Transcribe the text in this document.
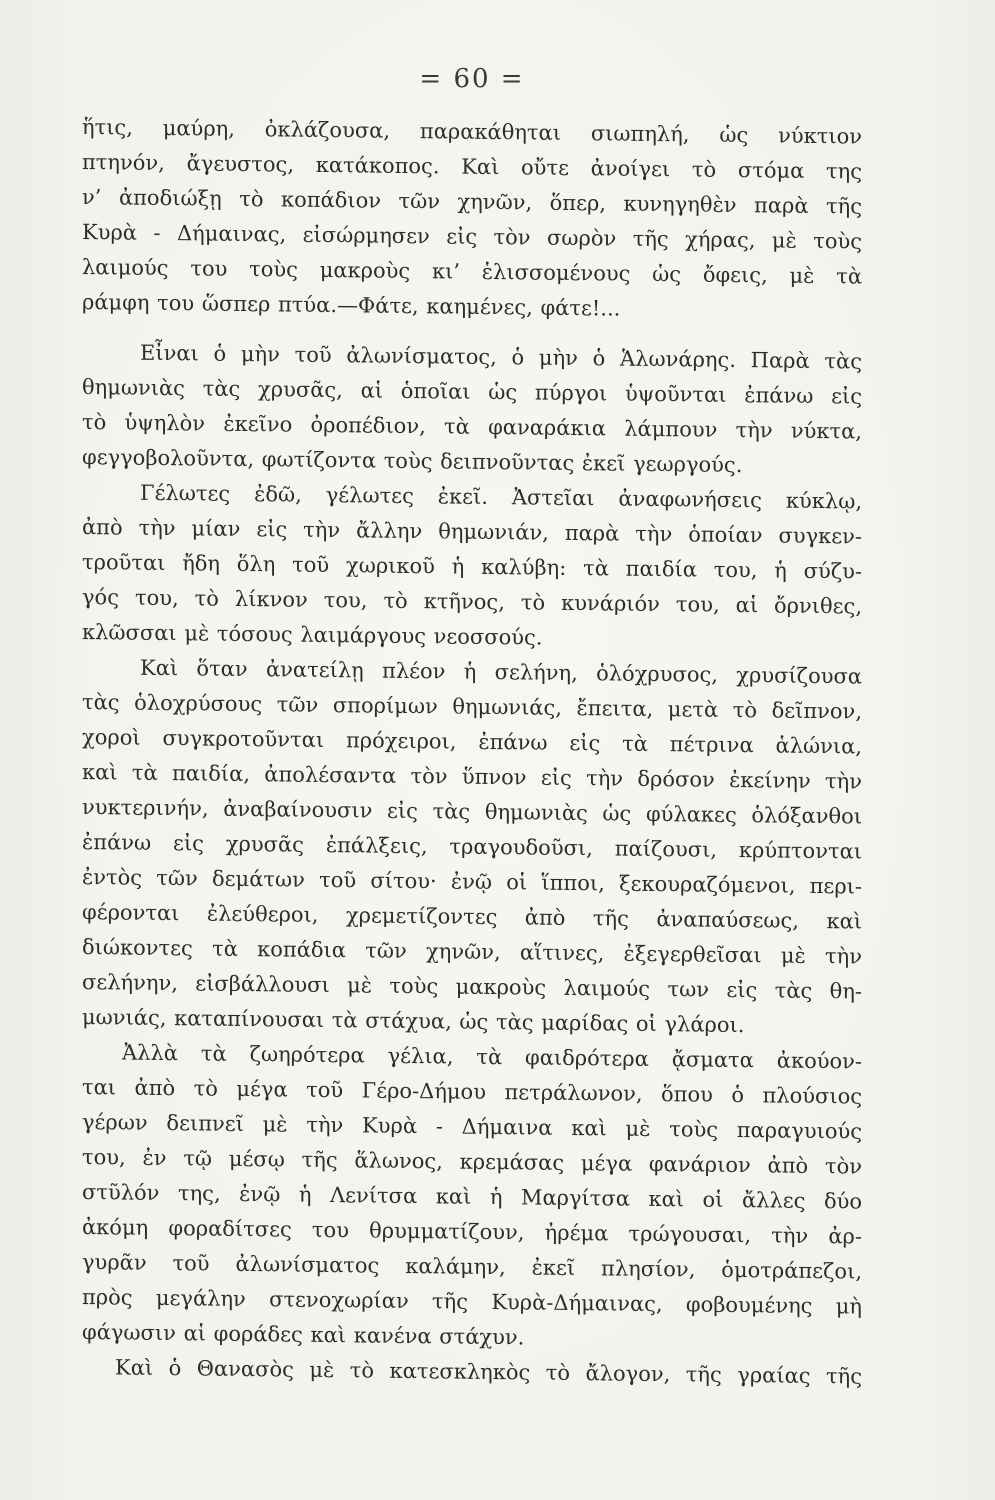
= 60 =
ἥτις, μαύρη, ὀκλάζουσα, παρακάθηται σιωπηλή, ὡς νύκτιον
πτηνόν, ἄγευστος, κατάκοπος. Καὶ οὔτε ἀνοίγει τὸ στόμα της
ν’ ἀποδιώξῃ τὸ κοπάδιον τῶν χηνῶν, ὅπερ, κυνηγηθὲν παρὰ τῆς
Κυρὰ - Δήμαινας, εἰσώρμησεν εἰς τὸν σωρὸν τῆς χήρας, μὲ τοὺς
λαιμούς του τοὺς μακροὺς κι’ ἑλισσομένους ὡς ὄφεις, μὲ τὰ
ράμφη του ὥσπερ πτύα.—Φάτε, καημένες, φάτε!...
Εἶναι ὁ μὴν τοῦ ἀλωνίσματος, ὁ μὴν ὁ Ἁλωνάρης. Παρὰ τὰς
θημωνιὰς τὰς χρυσᾶς, αἱ ὁποῖαι ὡς πύργοι ὑψοῦνται ἐπάνω εἰς
τὸ ὑψηλὸν ἐκεῖνο ὀροπέδιον, τὰ φαναράκια λάμπουν τὴν νύκτα,
φεγγοβολοῦντα, φωτίζοντα τοὺς δειπνοῦντας ἐκεῖ γεωργούς.
Γέλωτες ἐδῶ, γέλωτες ἐκεῖ. Ἀστεῖαι ἀναφωνήσεις κύκλῳ,
ἀπὸ τὴν μίαν εἰς τὴν ἄλλην θημωνιάν, παρὰ τὴν ὁποίαν συγκεν-
τροῦται ἤδη ὅλη τοῦ χωρικοῦ ἡ καλύβη: τὰ παιδία του, ἡ σύζυ-
γός του, τὸ λίκνον του, τὸ κτῆνος, τὸ κυνάριόν του, αἱ ὄρνιθες,
κλῶσσαι μὲ τόσους λαιμάργους νεοσσούς.
Καὶ ὅταν ἀνατείλῃ πλέον ἡ σελήνη, ὁλόχρυσος, χρυσίζουσα
τὰς ὁλοχρύσους τῶν σπορίμων θημωνιάς, ἔπειτα, μετὰ τὸ δεῖπνον,
χοροὶ συγκροτοῦνται πρόχειροι, ἐπάνω εἰς τὰ πέτρινα ἁλώνια,
καὶ τὰ παιδία, ἀπολέσαντα τὸν ὕπνον εἰς τὴν δρόσον ἐκείνην τὴν
νυκτερινήν, ἀναβαίνουσιν εἰς τὰς θημωνιὰς ὡς φύλακες ὁλόξανθοι
ἐπάνω εἰς χρυσᾶς ἐπάλξεις, τραγουδοῦσι, παίζουσι, κρύπτονται
ἐντὸς τῶν δεμάτων τοῦ σίτου· ἐνῷ οἱ ἵπποι, ξεκουραζόμενοι, περι-
φέρονται ἐλεύθεροι, χρεμετίζοντες ἀπὸ τῆς ἀναπαύσεως, καὶ
διώκοντες τὰ κοπάδια τῶν χηνῶν, αἵτινες, ἐξεγερθεῖσαι μὲ τὴν
σελήνην, εἰσβάλλουσι μὲ τοὺς μακροὺς λαιμούς των εἰς τὰς θη-
μωνιάς, καταπίνουσαι τὰ στάχυα, ὡς τὰς μαρίδας οἱ γλάροι.
Ἀλλὰ τὰ ζωηρότερα γέλια, τὰ φαιδρότερα ᾄσματα ἀκούον-
ται ἀπὸ τὸ μέγα τοῦ Γέρο-Δήμου πετράλωνον, ὅπου ὁ πλούσιος
γέρων δειπνεῖ μὲ τὴν Κυρὰ - Δήμαινα καὶ μὲ τοὺς παραγυιούς
του, ἐν τῷ μέσῳ τῆς ἅλωνος, κρεμάσας μέγα φανάριον ἀπὸ τὸν
στῦλόν της, ἐνῷ ἡ Λενίτσα καὶ ἡ Μαργίτσα καὶ οἱ ἄλλες δύο
ἀκόμη φοραδίτσες του θρυμματίζουν, ἠρέμα τρώγουσαι, τὴν ἀρ-
γυρᾶν τοῦ ἀλωνίσματος καλάμην, ἐκεῖ πλησίον, ὁμοτράπεζοι,
πρὸς μεγάλην στενοχωρίαν τῆς Κυρὰ-Δήμαινας, φοβουμένης μὴ
φάγωσιν αἱ φοράδες καὶ κανένα στάχυν.
Καὶ ὁ Θανασὸς μὲ τὸ κατεσκληκὸς τὸ ἄλογον, τῆς γραίας τῆς
